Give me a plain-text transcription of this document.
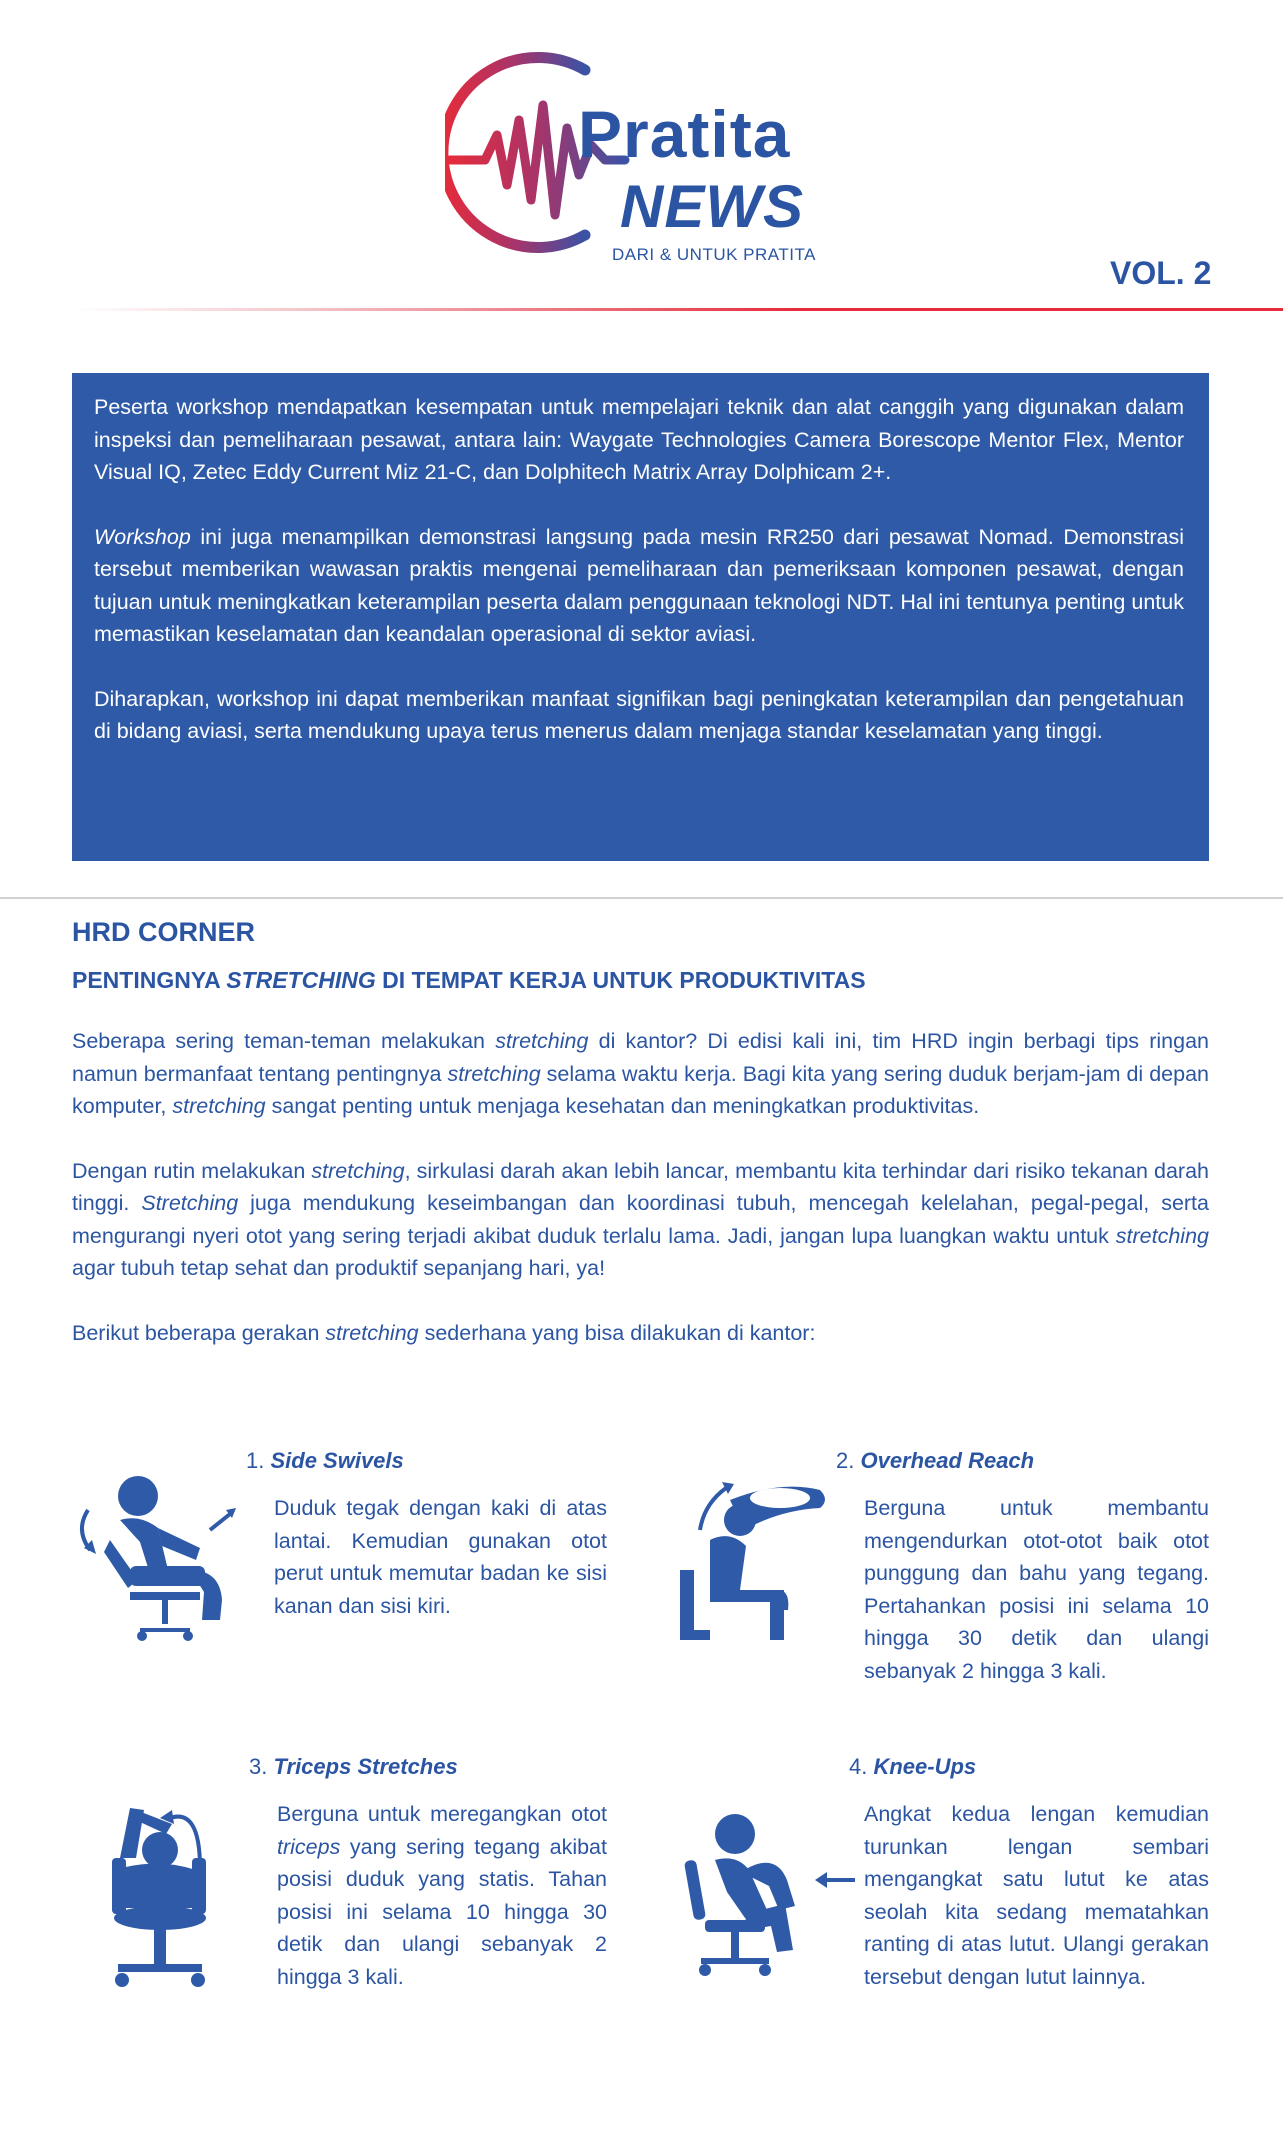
Pratita
NEWS
DARI & UNTUK PRATITA
VOL. 2

Peserta workshop mendapatkan kesempatan untuk mempelajari teknik dan alat canggih yang digunakan dalam inspeksi dan pemeliharaan pesawat, antara lain: Waygate Technologies Camera Borescope Mentor Flex, Mentor Visual IQ, Zetec Eddy Current Miz 21-C, dan Dolphitech Matrix Array Dolphicam 2+.

Workshop ini juga menampilkan demonstrasi langsung pada mesin RR250 dari pesawat Nomad. Demonstrasi tersebut memberikan wawasan praktis mengenai pemeliharaan dan pemeriksaan komponen pesawat, dengan tujuan untuk meningkatkan keterampilan peserta dalam penggunaan teknologi NDT. Hal ini tentunya penting untuk memastikan keselamatan dan keandalan operasional di sektor aviasi.

Diharapkan, workshop ini dapat memberikan manfaat signifikan bagi peningkatan keterampilan dan pengetahuan di bidang aviasi, serta mendukung upaya terus menerus dalam menjaga standar keselamatan yang tinggi.

HRD CORNER
PENTINGNYA STRETCHING DI TEMPAT KERJA UNTUK PRODUKTIVITAS

Seberapa sering teman-teman melakukan stretching di kantor? Di edisi kali ini, tim HRD ingin berbagi tips ringan namun bermanfaat tentang pentingnya stretching selama waktu kerja. Bagi kita yang sering duduk berjam-jam di depan komputer, stretching sangat penting untuk menjaga kesehatan dan meningkatkan produktivitas.

Dengan rutin melakukan stretching, sirkulasi darah akan lebih lancar, membantu kita terhindar dari risiko tekanan darah tinggi. Stretching juga mendukung keseimbangan dan koordinasi tubuh, mencegah kelelahan, pegal-pegal, serta mengurangi nyeri otot yang sering terjadi akibat duduk terlalu lama. Jadi, jangan lupa luangkan waktu untuk stretching agar tubuh tetap sehat dan produktif sepanjang hari, ya!

Berikut beberapa gerakan stretching sederhana yang bisa dilakukan di kantor:

1. Side Swivels
Duduk tegak dengan kaki di atas lantai. Kemudian gunakan otot perut untuk memutar badan ke sisi kanan dan sisi kiri.
2. Overhead Reach
Berguna untuk membantu mengendurkan otot-otot baik otot punggung dan bahu yang tegang. Pertahankan posisi ini selama 10 hingga 30 detik dan ulangi sebanyak 2 hingga 3 kali.
3. Triceps Stretches
Berguna untuk meregangkan otot triceps yang sering tegang akibat posisi duduk yang statis. Tahan posisi ini selama 10 hingga 30 detik dan ulangi sebanyak 2 hingga 3 kali.
4. Knee-Ups
Angkat kedua lengan kemudian turunkan lengan sembari mengangkat satu lutut ke atas seolah kita sedang mematahkan ranting di atas lutut. Ulangi gerakan tersebut dengan lutut lainnya.
